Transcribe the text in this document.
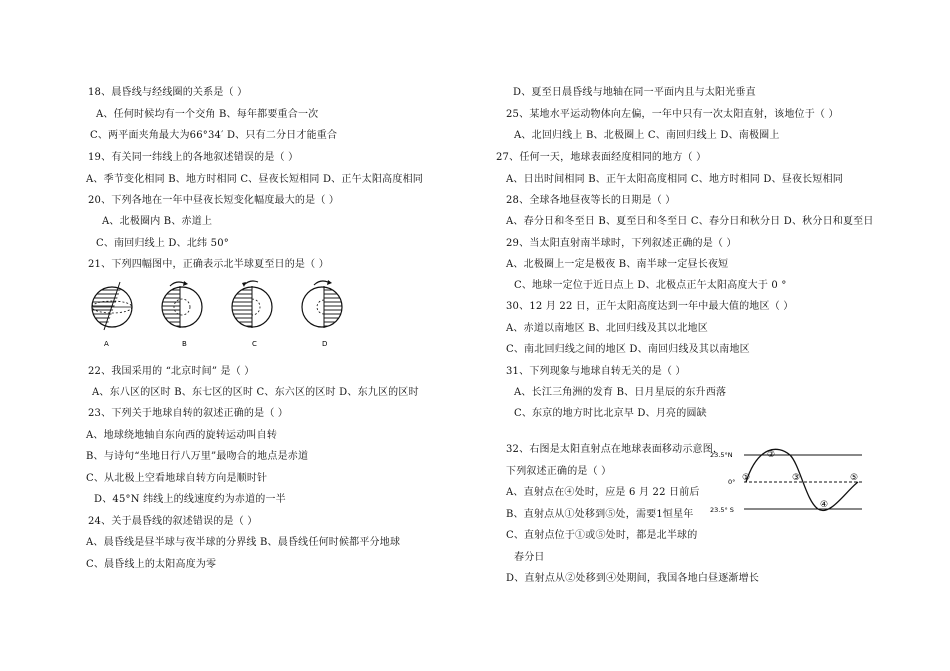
18、晨昏线与经线圈的关系是（ ）
A、任何时候均有一个交角 B、每年都要重合一次
C、两平面夹角最大为66°34′ D、只有二分日才能重合
19、有关同一纬线上的各地叙述错误的是（ ）
A、季节变化相同 B、地方时相同 C、昼夜长短相同 D、正午太阳高度相同
20、下列各地在一年中昼夜长短变化幅度最大的是（ ）
A、北极圈内 B、赤道上
C、南回归线上 D、北纬 50°
21、下列四幅图中，正确表示北半球夏至日的是（ ）
A	B	C	D
22、我国采用的 “北京时间” 是（ ）
A、东八区的区时 B、东七区的区时 C、东六区的区时 D、东九区的区时
23、下列关于地球自转的叙述正确的是（ ）
A、地球绕地轴自东向西的旋转运动叫自转
B、与诗句“坐地日行八万里”最吻合的地点是赤道
C、从北极上空看地球自转方向是顺时针
D、45°N 纬线上的线速度约为赤道的一半
24、关于晨昏线的叙述错误的是（ ）
A、晨昏线是昼半球与夜半球的分界线 B、晨昏线任何时候都平分地球
C、晨昏线上的太阳高度为零
D、夏至日晨昏线与地轴在同一平面内且与太阳光垂直
25、某地水平运动物体向左偏，一年中只有一次太阳直射，该地位于（ ）
A、北回归线上 B、北极圈上 C、南回归线上 D、南极圈上
27、任何一天，地球表面经度相同的地方（ ）
A、日出时间相同 B、正午太阳高度相同 C、地方时相同 D、昼夜长短相同
28、全球各地昼夜等长的日期是（ ）
A、春分日和冬至日 B、夏至日和冬至日 C、春分日和秋分日 D、秋分日和夏至日
29、当太阳直射南半球时，下列叙述正确的是（ ）
A、北极圈上一定是极夜 B、南半球一定昼长夜短
C、地球一定位于近日点上 D、北极点正午太阳高度大于 0 °
30、12 月 22 日，正午太阳高度达到一年中最大值的地区（ ）
A、赤道以南地区 B、北回归线及其以北地区
C、南北回归线之间的地区 D、南回归线及其以南地区
31、下列现象与地球自转无关的是（ ）
A、长江三角洲的发育 B、日月星辰的东升西落
C、东京的地方时比北京早 D、月亮的圆缺
32、右图是太阳直射点在地球表面移动示意图，
下列叙述正确的是（ ）
A、直射点在④处时，应是 6 月 22 日前后
B、直射点从①处移到⑤处，需要1恒星年
C、直射点位于①或⑤处时，都是北半球的
春分日
D、直射点从②处移到④处期间，我国各地白昼逐渐增长
23.5°N
0°
23.5° S
①
②
③
④
⑤
